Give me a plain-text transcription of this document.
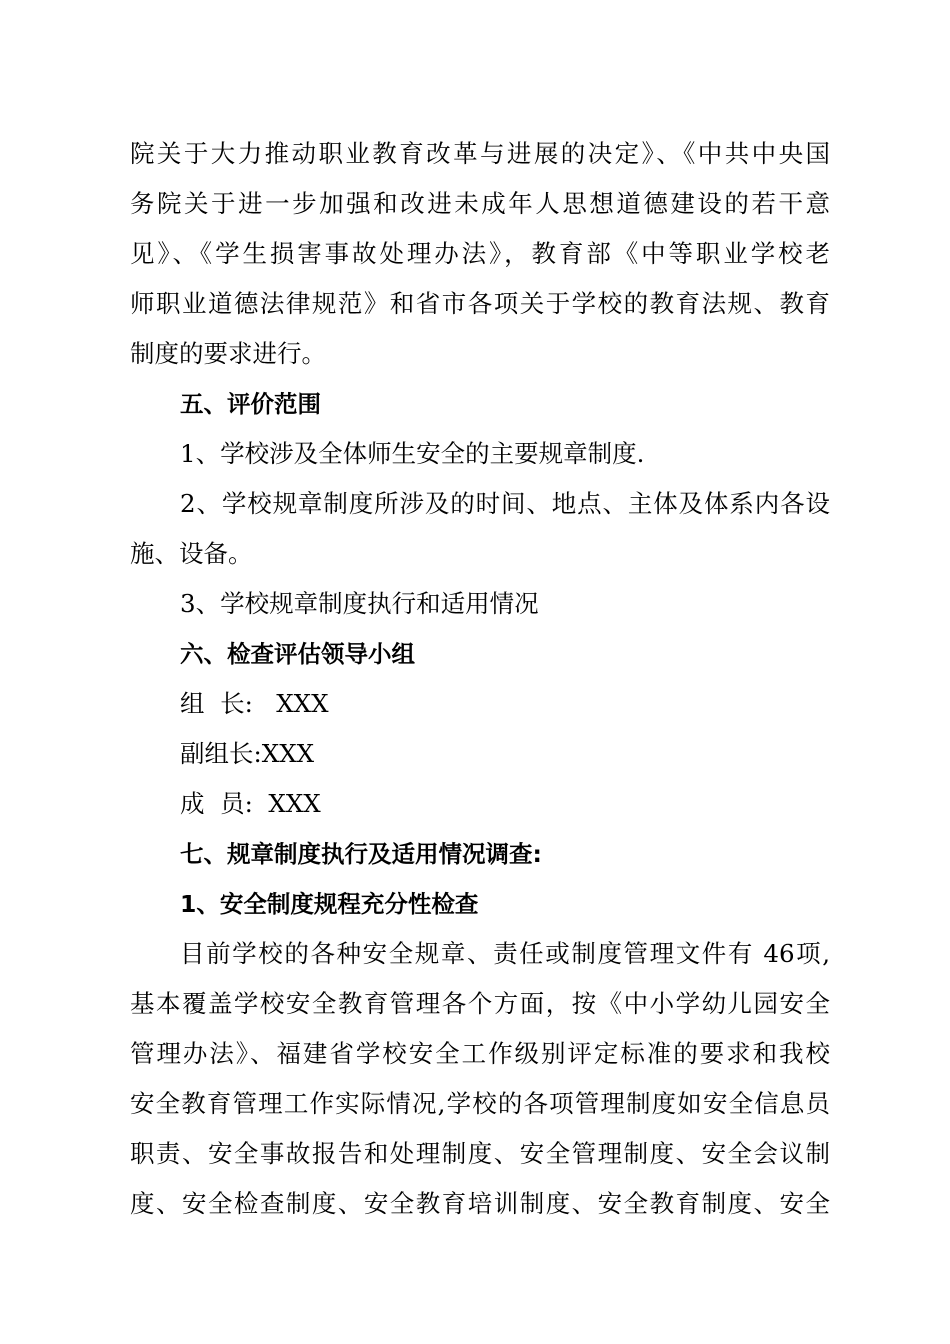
院关于大力推动职业教育改革与进展的决定》、《中共中央国

务院关于进一步加强和改进未成年人思想道德建设的若干意

见》、《学生损害事故处理办法》，教育部《中等职业学校老

师职业道德法律规范》和省市各项关于学校的教育法规、教育

制度的要求进行。

五、评价范围

1、学校涉及全体师生安全的主要规章制度.

2、学校规章制度所涉及的时间、地点、主体及体系内各设

施、设备。

3、学校规章制度执行和适用情况

六、检查评估领导小组

组  长:   XXX

副组长:XXX

成  员:  XXX

七、规章制度执行及适用情况调查:

1、安全制度规程充分性检查

目前学校的各种安全规章、责任或制度管理文件有 46项,

基本覆盖学校安全教育管理各个方面，按《中小学幼儿园安全

管理办法》、福建省学校安全工作级别评定标准的要求和我校

安全教育管理工作实际情况,学校的各项管理制度如安全信息员

职责、安全事故报告和处理制度、安全管理制度、安全会议制

度、安全检查制度、安全教育培训制度、安全教育制度、安全
